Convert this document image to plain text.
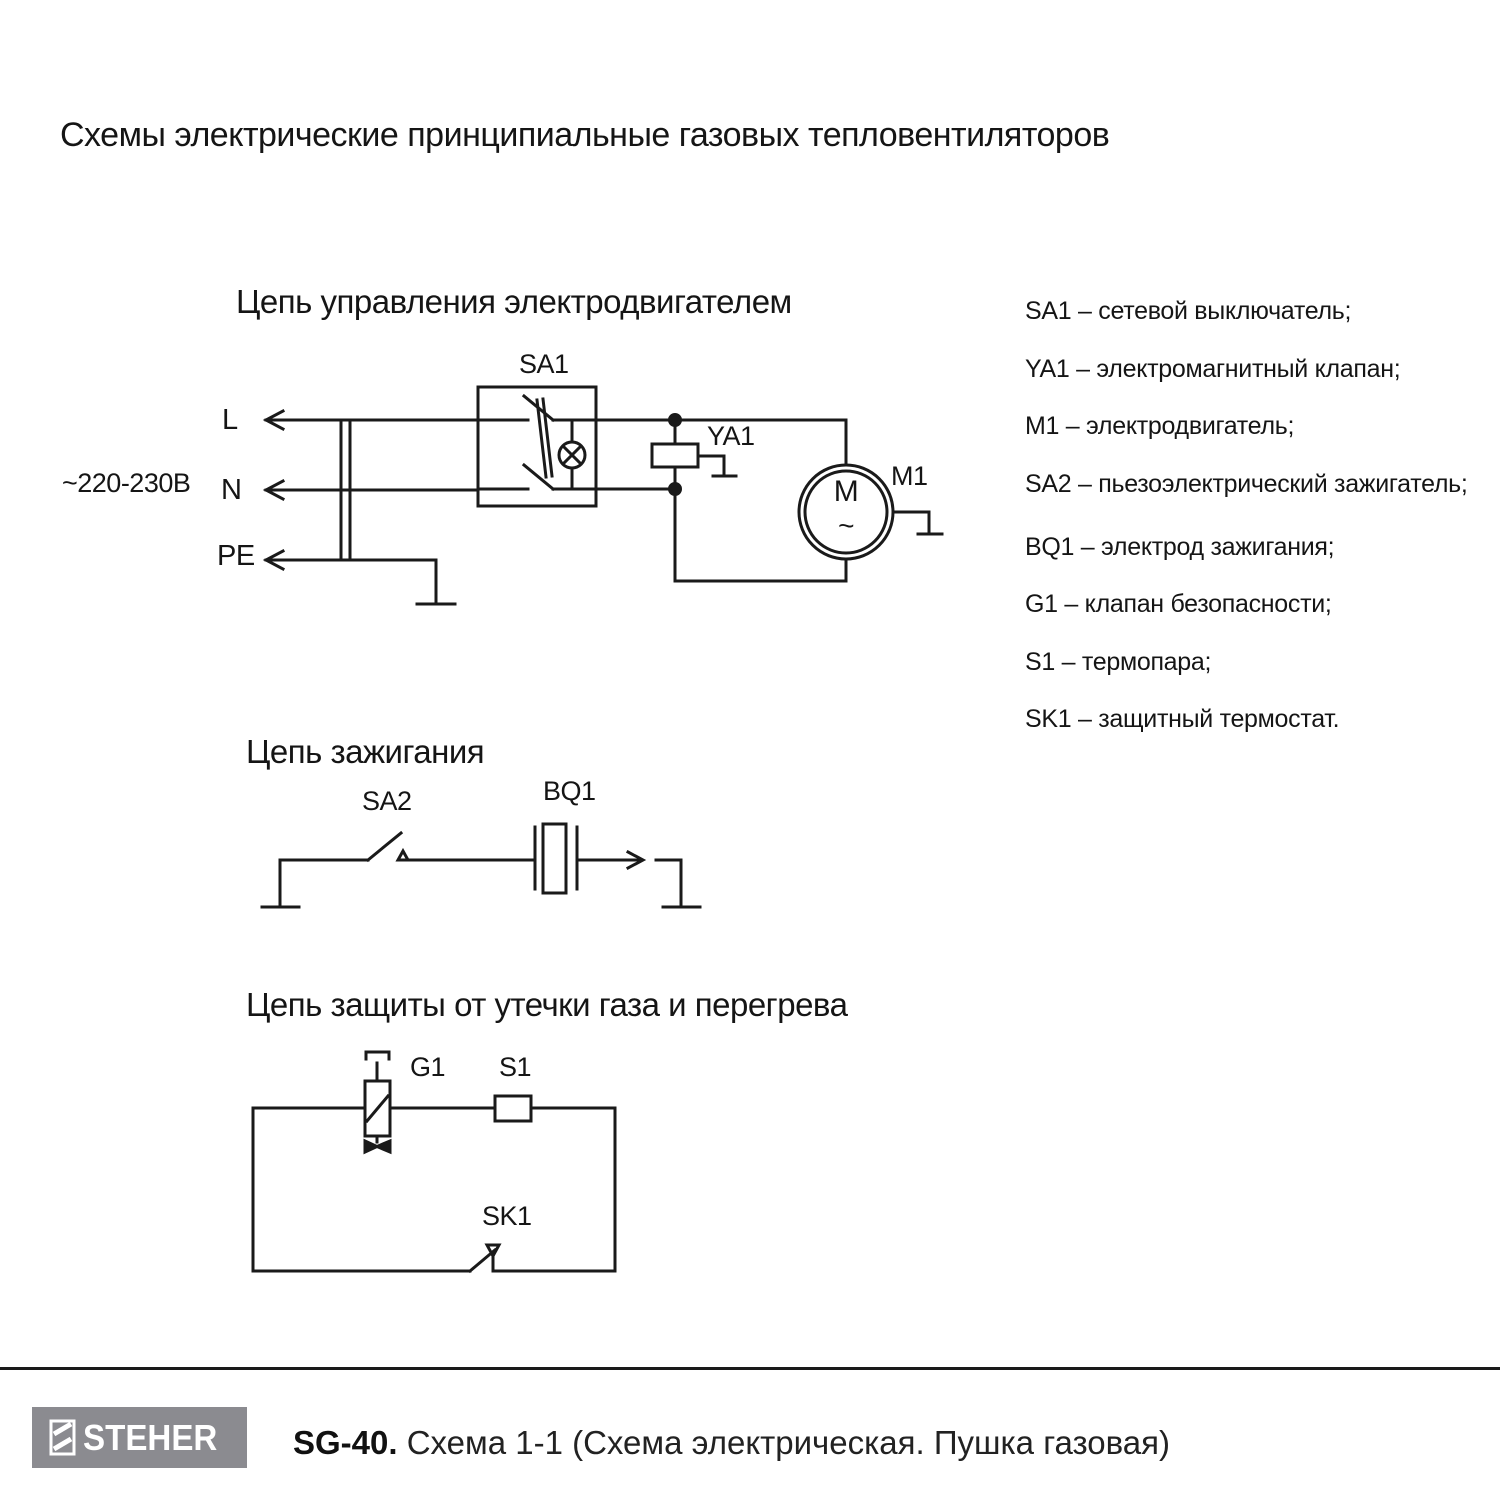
Схемы электрические принципиальные газовых тепловентиляторов
Цепь управления электродвигателем
~220-230В
L
N
PE
SA1
YA1
M1
M
~
Цепь зажигания
SA2	BQ1
Цепь защиты от утечки газа и перегрева
G1 S1
SK1
SA1 – сетевой выключатель;
YA1 – электромагнитный клапан;
M1 – электродвигатель;
SA2 – пьезоэлектрический зажигатель;
BQ1 – электрод зажигания;
G1 – клапан безопасности;
S1 – термопара;
SK1 – защитный термостат.
STEHER SG-40. Схема 1-1 (Схема электрическая. Пушка газовая)
